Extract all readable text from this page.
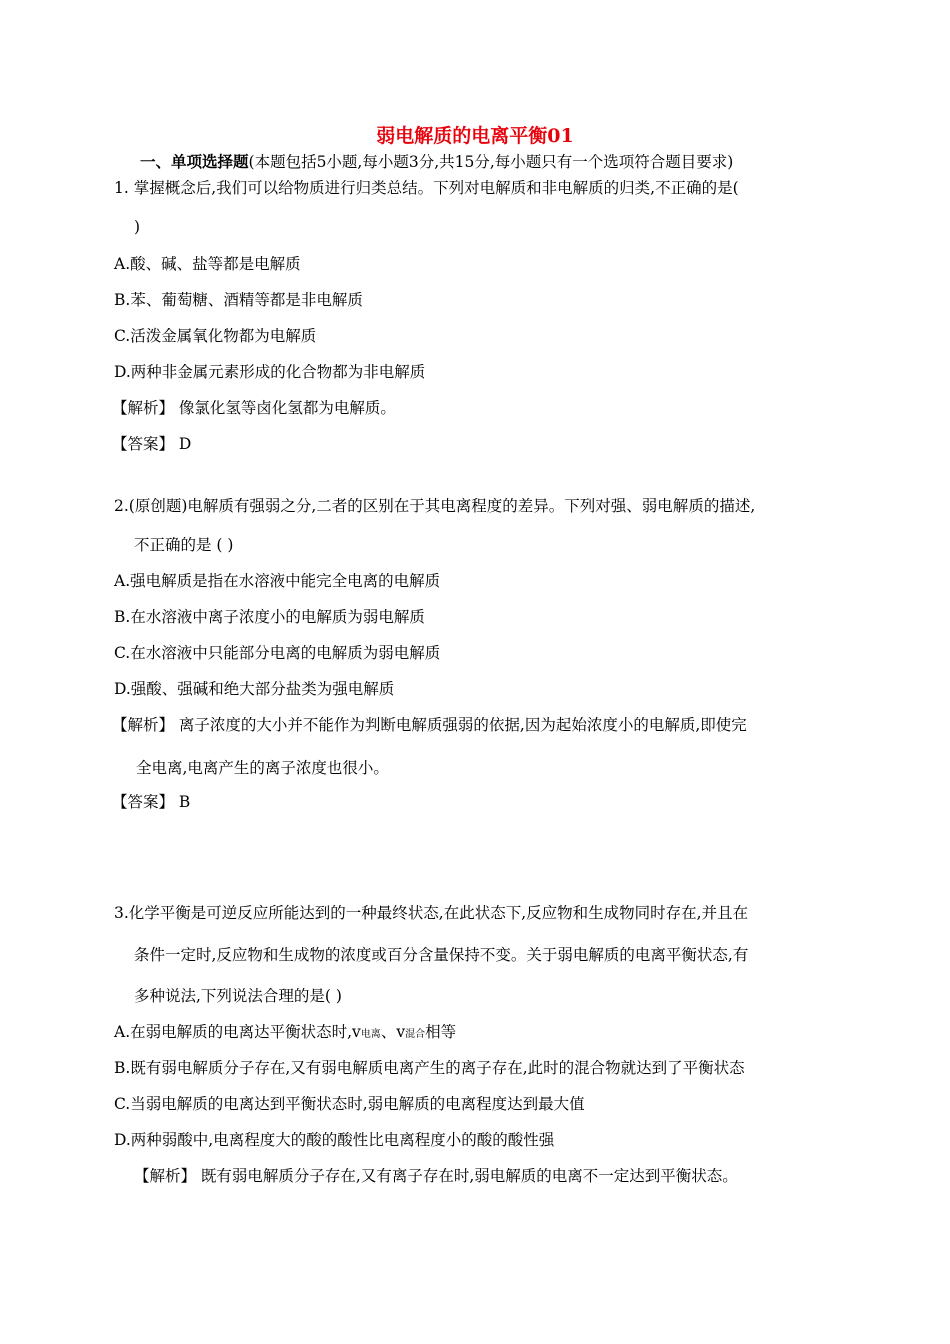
弱电解质的电离平衡01
一、单项选择题(本题包括5小题,每小题3分,共15分,每小题只有一个选项符合题目要求)
1. 掌握概念后,我们可以给物质进行归类总结。下列对电解质和非电解质的归类,不正确的是(
)
A.酸、碱、盐等都是电解质
B.苯、葡萄糖、酒精等都是非电解质
C.活泼金属氧化物都为电解质
D.两种非金属元素形成的化合物都为非电解质
【解析】 像氯化氢等卤化氢都为电解质。
【答案】 D
2.(原创题)电解质有强弱之分,二者的区别在于其电离程度的差异。下列对强、弱电解质的描述,
不正确的是 ( )
A.强电解质是指在水溶液中能完全电离的电解质
B.在水溶液中离子浓度小的电解质为弱电解质
C.在水溶液中只能部分电离的电解质为弱电解质
D.强酸、强碱和绝大部分盐类为强电解质
【解析】 离子浓度的大小并不能作为判断电解质强弱的依据,因为起始浓度小的电解质,即使完
全电离,电离产生的离子浓度也很小。
【答案】 B
3.化学平衡是可逆反应所能达到的一种最终状态,在此状态下,反应物和生成物同时存在,并且在
条件一定时,反应物和生成物的浓度或百分含量保持不变。关于弱电解质的电离平衡状态,有
多种说法,下列说法合理的是( )
A.在弱电解质的电离达平衡状态时,v电离、v混合相等
B.既有弱电解质分子存在,又有弱电解质电离产生的离子存在,此时的混合物就达到了平衡状态
C.当弱电解质的电离达到平衡状态时,弱电解质的电离程度达到最大值
D.两种弱酸中,电离程度大的酸的酸性比电离程度小的酸的酸性强
【解析】 既有弱电解质分子存在,又有离子存在时,弱电解质的电离不一定达到平衡状态。
